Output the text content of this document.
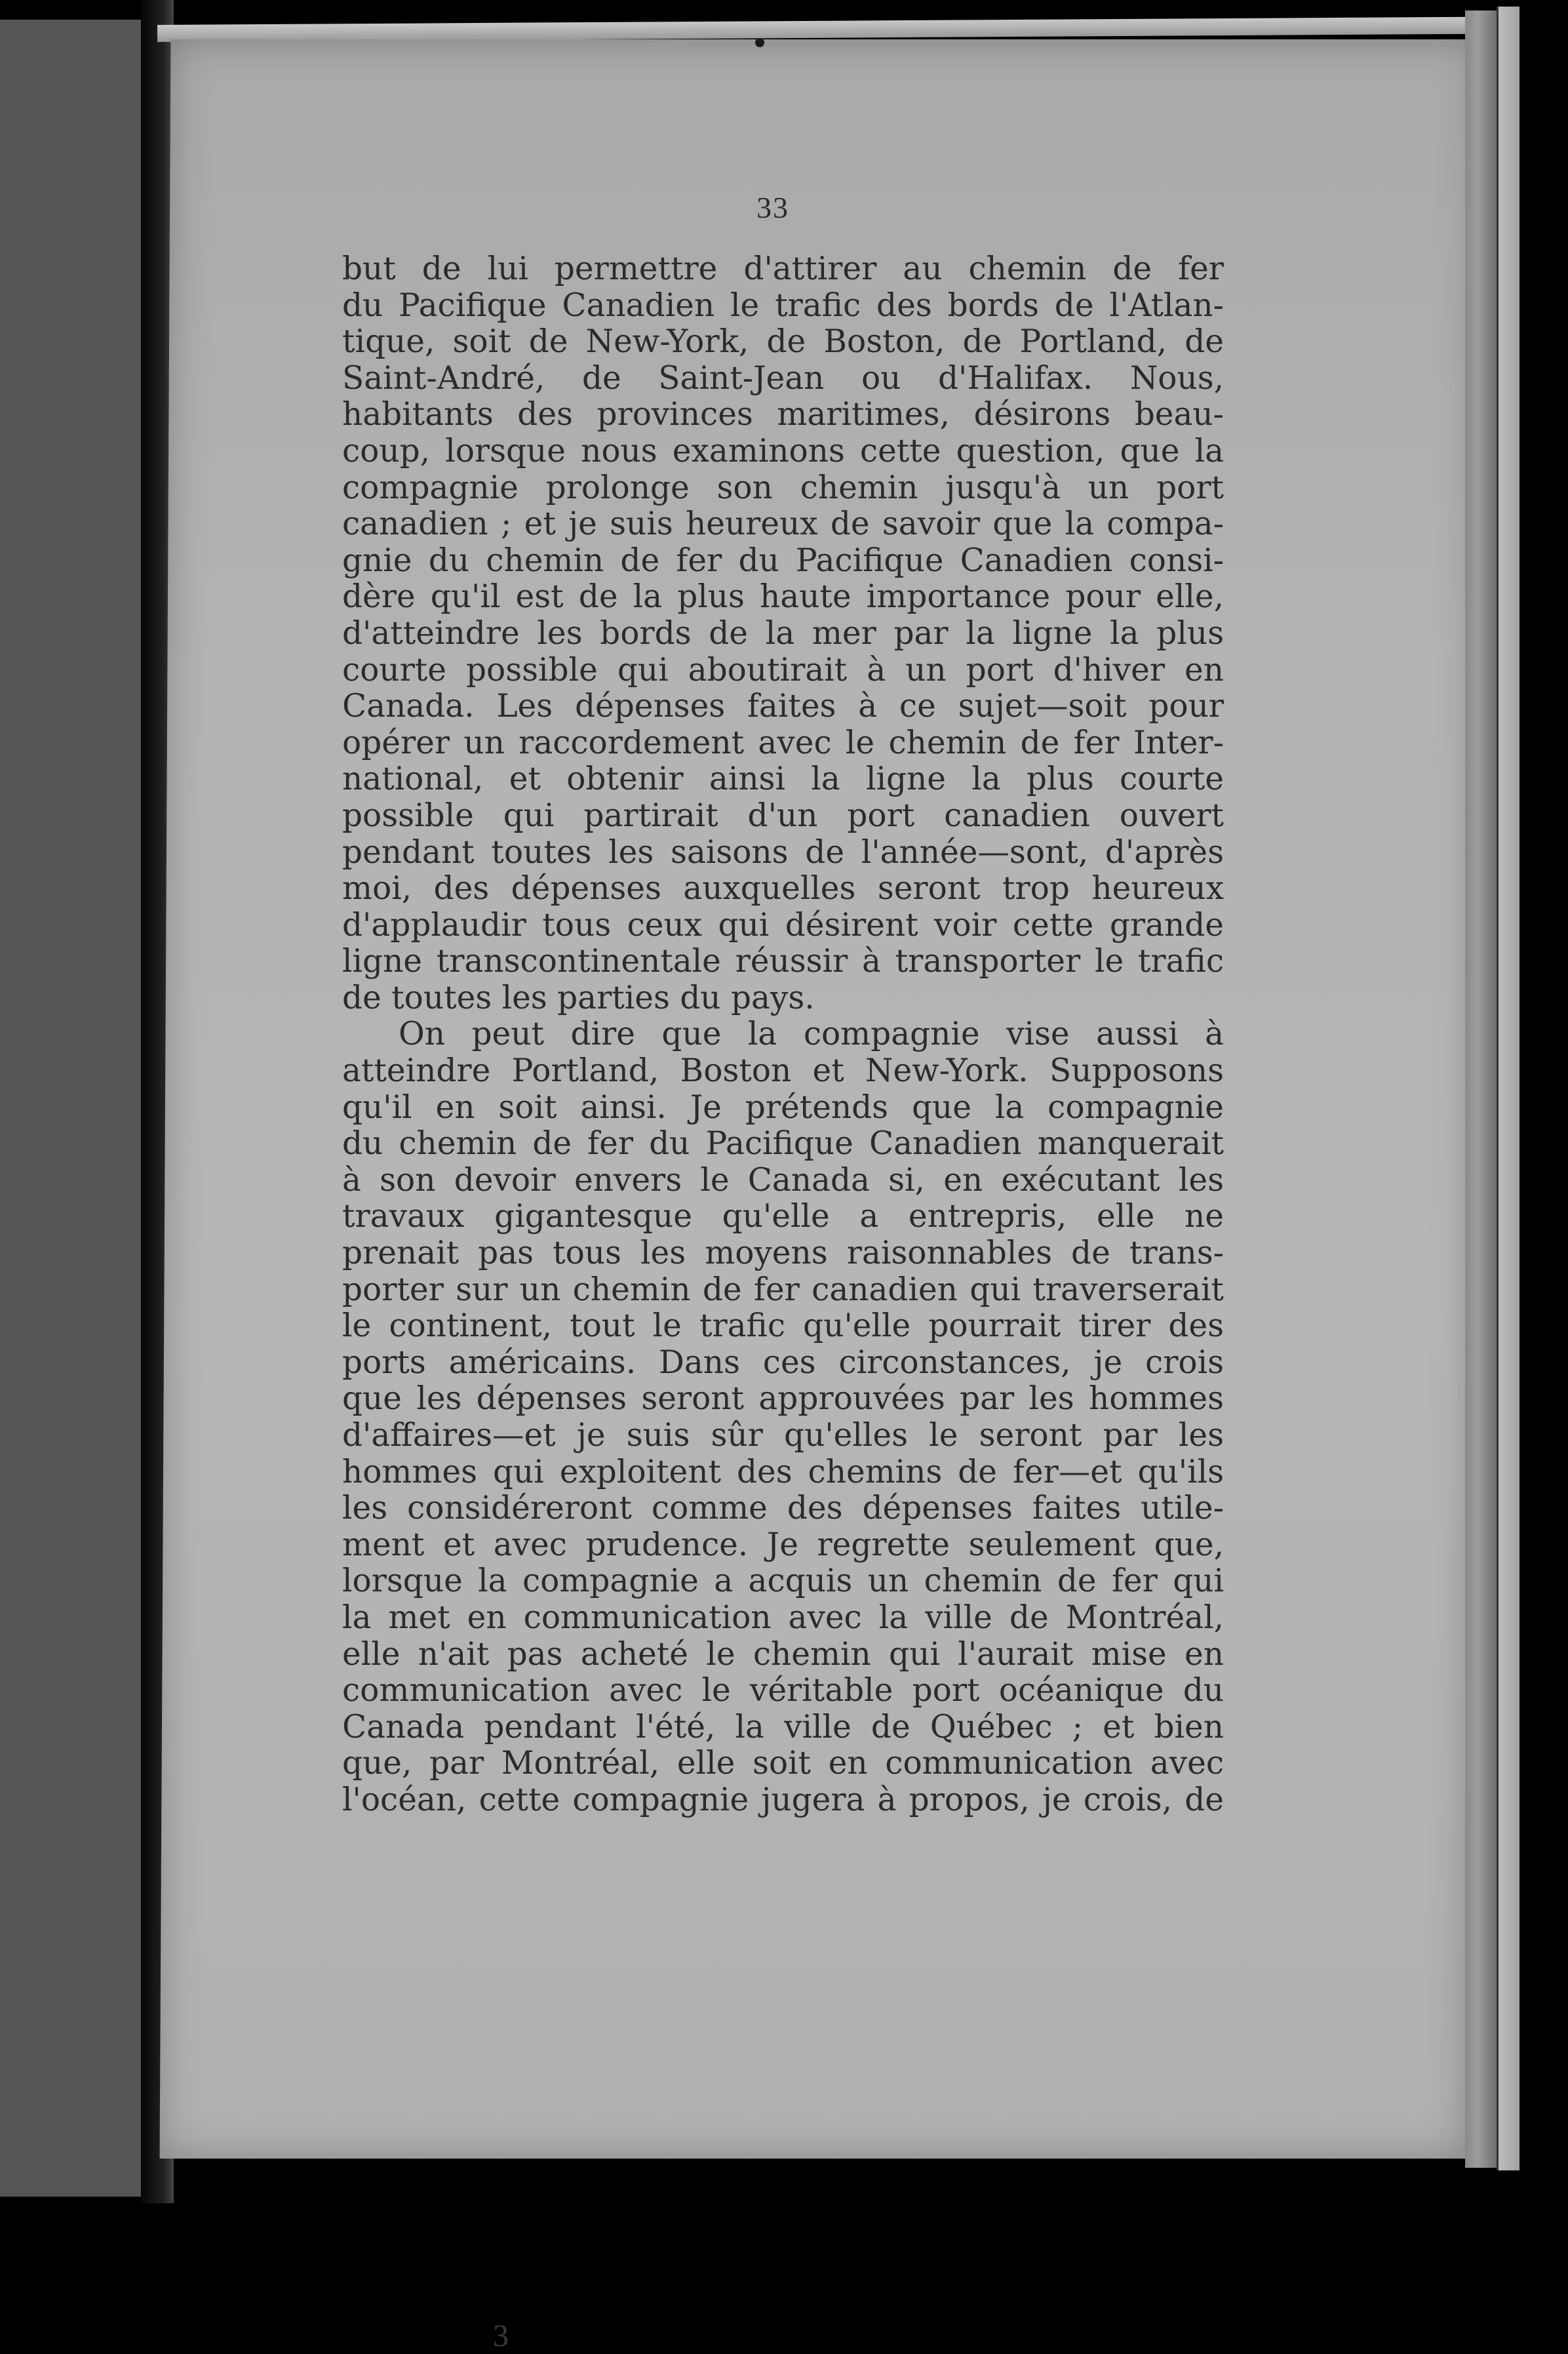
33
but de lui permettre d'attirer au chemin de fer
du Pacifique Canadien le trafic des bords de l'Atlan-
tique, soit de New-York, de Boston, de Portland, de
Saint-André, de Saint-Jean ou d'Halifax. Nous,
habitants des provinces maritimes, désirons beau-
coup, lorsque nous examinons cette question, que la
compagnie prolonge son chemin jusqu'à un port
canadien ; et je suis heureux de savoir que la compa-
gnie du chemin de fer du Pacifique Canadien consi-
dère qu'il est de la plus haute importance pour elle,
d'atteindre les bords de la mer par la ligne la plus
courte possible qui aboutirait à un port d'hiver en
Canada. Les dépenses faites à ce sujet—soit pour
opérer un raccordement avec le chemin de fer Inter-
national, et obtenir ainsi la ligne la plus courte
possible qui partirait d'un port canadien ouvert
pendant toutes les saisons de l'année—sont, d'après
moi, des dépenses auxquelles seront trop heureux
d'applaudir tous ceux qui désirent voir cette grande
ligne transcontinentale réussir à transporter le trafic
de toutes les parties du pays.
On peut dire que la compagnie vise aussi à
atteindre Portland, Boston et New-York. Supposons
qu'il en soit ainsi. Je prétends que la compagnie
du chemin de fer du Pacifique Canadien manquerait
à son devoir envers le Canada si, en exécutant les
travaux gigantesque qu'elle a entrepris, elle ne
prenait pas tous les moyens raisonnables de trans-
porter sur un chemin de fer canadien qui traverserait
le continent, tout le trafic qu'elle pourrait tirer des
ports américains. Dans ces circonstances, je crois
que les dépenses seront approuvées par les hommes
d'affaires—et je suis sûr qu'elles le seront par les
hommes qui exploitent des chemins de fer—et qu'ils
les considéreront comme des dépenses faites utile-
ment et avec prudence. Je regrette seulement que,
lorsque la compagnie a acquis un chemin de fer qui
la met en communication avec la ville de Montréal,
elle n'ait pas acheté le chemin qui l'aurait mise en
communication avec le véritable port océanique du
Canada pendant l'été, la ville de Québec ; et bien
que, par Montréal, elle soit en communication avec
l'océan, cette compagnie jugera à propos, je crois, de
3
